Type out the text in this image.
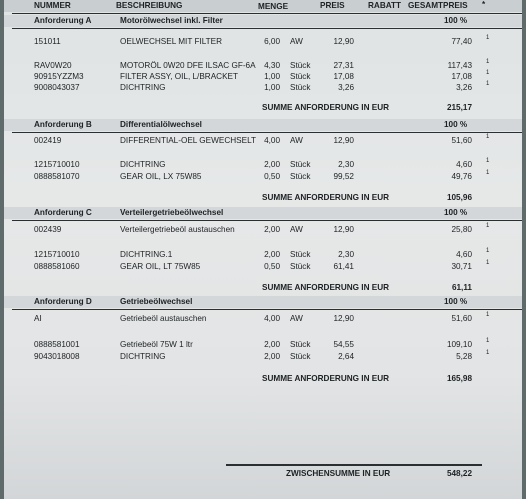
NUMMER	BESCHREIBUNG	MENGE	PREIS	RABATT GESAMTPREIS *
Anforderung A	Motorölwechsel inkl. Filter	100 %
151011	OELWECHSEL MIT FILTER	6,00 AW	12,90	77,40 1
RAV0W20	MOTORÖL 0W20 DFE ILSAC GF-6A	4,30 Stück	27,31	117,43 1
90915YZZM3	FILTER ASSY, OIL, L/BRACKET	1,00 Stück	17,08	17,08 1
9008043037	DICHTRING	1,00 Stück	3,26	3,26 1
SUMME ANFORDERUNG IN EUR	215,17
Anforderung B	Differentialölwechsel	100 %
002419	DIFFERENTIAL-OEL GEWECHSELT 4,00 AW	12,90	51,60 1
1215710010	DICHTRING	2,00 Stück	2,30	4,60 1
0888581070	GEAR OIL, LX 75W85	0,50 Stück	99,52	49,76 1
SUMME ANFORDERUNG IN EUR	105,96
Anforderung C	Verteilergetriebeölwechsel	100 %
002439	Verteilergetriebeöl austauschen	2,00 AW	12,90	25,80 1
1215710010	DICHTRING.1	2,00 Stück	2,30	4,60 1
0888581060	GEAR OIL, LT 75W85	0,50 Stück	61,41	30,71 1
SUMME ANFORDERUNG IN EUR	61,11
Anforderung D	Getriebeölwechsel	100 %
AI	Getriebeöl austauschen	4,00 AW	12,90	51,60 1
0888581001	Getriebeöl 75W 1 ltr	2,00 Stück	54,55	109,10 1
9043018008	DICHTRING	2,00 Stück	2,64	5,28 1
SUMME ANFORDERUNG IN EUR	165,98
ZWISCHENSUMME IN EUR	548,22
